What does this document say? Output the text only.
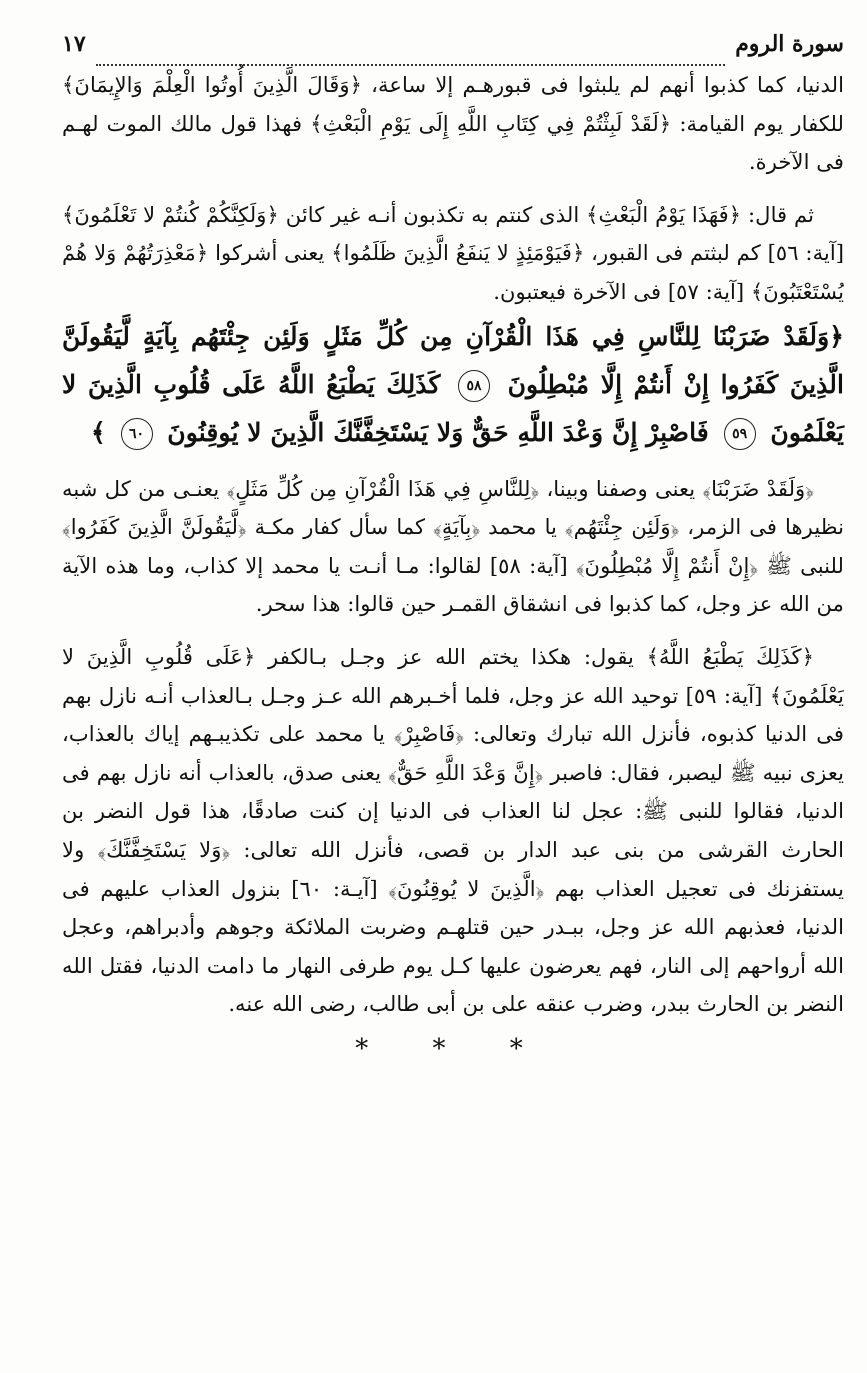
سورة الروم
١٧

الدنيا، كما كذبوا أنهم لم يلبثوا فى قبورهـم إلا ساعة، ﴿وَقَالَ الَّذِينَ أُوتُوا الْعِلْمَ وَالإِيمَانَ﴾ للكفار يوم القيامة: ﴿لَقَدْ لَبِثْتُمْ فِي كِتَابِ اللَّهِ إِلَى يَوْمِ الْبَعْثِ﴾ فهذا قول مالك الموت لهـم فى الآخرة.

ثم قال: ﴿فَهَذَا يَوْمُ الْبَعْثِ﴾ الذى كنتم به تكذبون أنـه غير كائن ﴿وَلَكِنَّكُمْ كُنتُمْ لا تَعْلَمُونَ﴾ [آية: ٥٦] كم لبثتم فى القبور، ﴿فَيَوْمَئِذٍ لا يَنفَعُ الَّذِينَ ظَلَمُوا﴾ يعنى أشركوا ﴿مَعْذِرَتُهُمْ وَلا هُمْ يُسْتَعْتَبُونَ﴾ [آية: ٥٧] فى الآخرة فيعتبون.

﴿وَلَقَدْ ضَرَبْنَا لِلنَّاسِ فِي هَذَا الْقُرْآنِ مِن كُلِّ مَثَلٍ وَلَئِن جِئْتَهُم بِآيَةٍ لَّيَقُولَنَّ الَّذِينَ كَفَرُوا إِنْ أَنتُمْ إِلَّا مُبْطِلُونَ ٥٨ كَذَلِكَ يَطْبَعُ اللَّهُ عَلَى قُلُوبِ الَّذِينَ لا يَعْلَمُونَ ٥٩ فَاصْبِرْ إِنَّ وَعْدَ اللَّهِ حَقٌّ وَلا يَسْتَخِفَّنَّكَ الَّذِينَ لا يُوقِنُونَ ٦٠ ﴾

﴿وَلَقَدْ ضَرَبْنَا﴾ يعنى وصفنا وبينا، ﴿لِلنَّاسِ فِي هَذَا الْقُرْآنِ مِن كُلِّ مَثَلٍ﴾ يعنـى من كل شبه نظيرها فى الزمر، ﴿وَلَئِن جِئْتَهُم﴾ يا محمد ﴿بِآيَةٍ﴾ كما سأل كفار مكـة ﴿لَّيَقُولَنَّ الَّذِينَ كَفَرُوا﴾ للنبى ﷺ ﴿إِنْ أَنتُمْ إِلَّا مُبْطِلُونَ﴾ [آية: ٥٨] لقالوا: مـا أنـت يا محمد إلا كذاب، وما هذه الآية من الله عز وجل، كما كذبوا فى انشقاق القمـر حين قالوا: هذا سحر.

﴿كَذَلِكَ يَطْبَعُ اللَّهُ﴾ يقول: هكذا يختم الله عز وجـل بـالكفر ﴿عَلَى قُلُوبِ الَّذِينَ لا يَعْلَمُونَ﴾ [آية: ٥٩] توحيد الله عز وجل، فلما أخـبرهم الله عـز وجـل بـالعذاب أنـه نازل بهم فى الدنيا كذبوه، فأنزل الله تبارك وتعالى: ﴿فَاصْبِرْ﴾ يا محمد على تكذيبـهم إياك بالعذاب، يعزى نبيه ﷺ ليصبر، فقال: فاصبر ﴿إِنَّ وَعْدَ اللَّهِ حَقٌّ﴾ يعنى صدق، بالعذاب أنه نازل بهم فى الدنيا، فقالوا للنبى ﷺ: عجل لنا العذاب فى الدنيا إن كنت صادقًا، هذا قول النضر بن الحارث القرشى من بنى عبد الدار بن قصى، فأنزل الله تعالى: ﴿وَلا يَسْتَخِفَّنَّكَ﴾ ولا يستفزنك فى تعجيل العذاب بهم ﴿الَّذِينَ لا يُوقِنُونَ﴾ [آيـة: ٦٠] بنزول العذاب عليهم فى الدنيا، فعذبهم الله عز وجل، ببـدر حين قتلهـم وضربت الملائكة وجوهم وأدبراهم، وعجل الله أرواحهم إلى النار، فهم يعرضون عليها كـل يوم طرفى النهار ما دامت الدنيا، فقتل الله النضر بن الحارث ببدر، وضرب عنقه على بن أبى طالب، رضى الله عنه.

* * *
